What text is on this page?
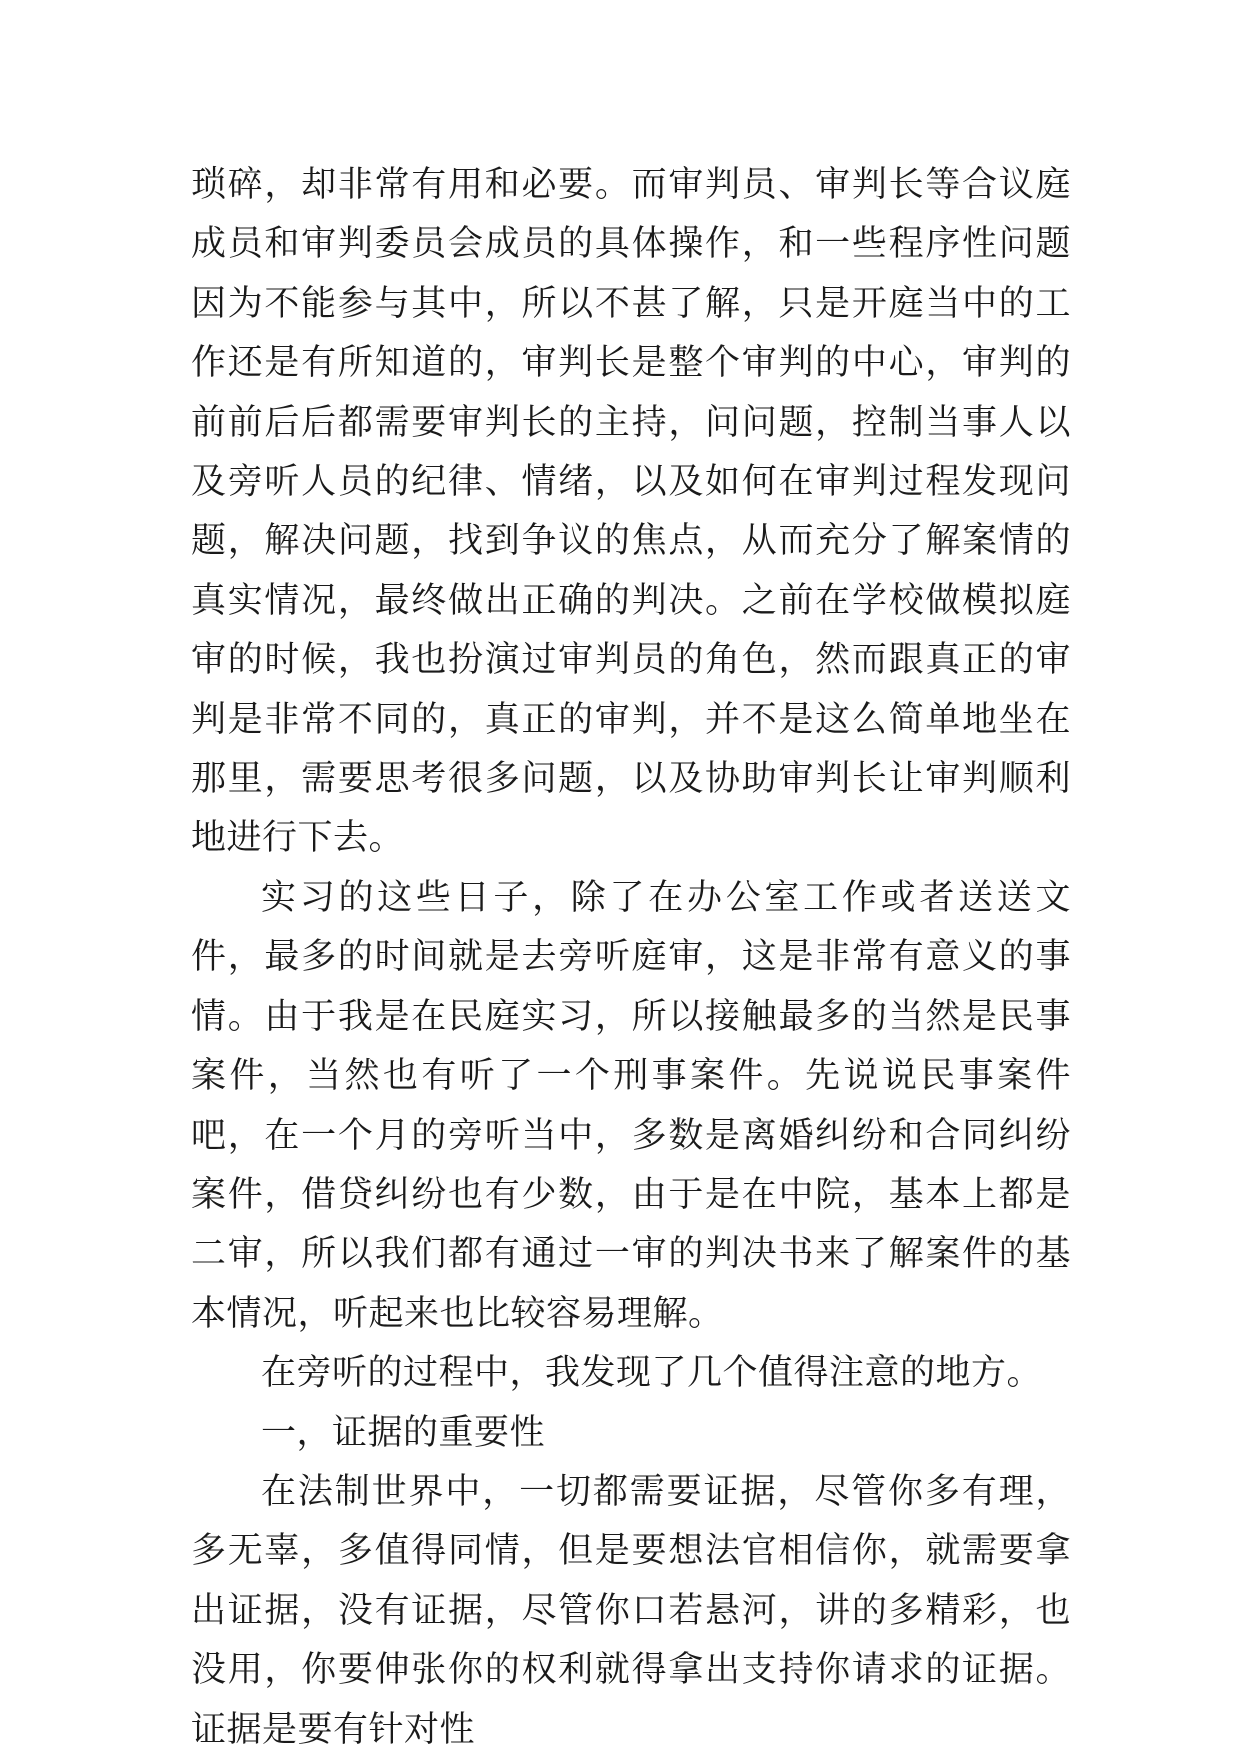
琐碎，却非常有用和必要。而审判员、审判长等合议庭成员和审判委员会成员的具体操作，和一些程序性问题因为不能参与其中，所以不甚了解，只是开庭当中的工作还是有所知道的，审判长是整个审判的中心，审判的前前后后都需要审判长的主持，问问题，控制当事人以及旁听人员的纪律、情绪，以及如何在审判过程发现问题，解决问题，找到争议的焦点，从而充分了解案情的真实情况，最终做出正确的判决。之前在学校做模拟庭审的时候，我也扮演过审判员的角色，然而跟真正的审判是非常不同的，真正的审判，并不是这么简单地坐在那里，需要思考很多问题，以及协助审判长让审判顺利地进行下去。

实习的这些日子，除了在办公室工作或者送送文件，最多的时间就是去旁听庭审，这是非常有意义的事情。由于我是在民庭实习，所以接触最多的当然是民事案件，当然也有听了一个刑事案件。先说说民事案件吧，在一个月的旁听当中，多数是离婚纠纷和合同纠纷案件，借贷纠纷也有少数，由于是在中院，基本上都是二审，所以我们都有通过一审的判决书来了解案件的基本情况，听起来也比较容易理解。

在旁听的过程中，我发现了几个值得注意的地方。

一，证据的重要性

在法制世界中，一切都需要证据，尽管你多有理，多无辜，多值得同情，但是要想法官相信你，就需要拿出证据，没有证据，尽管你口若悬河，讲的多精彩，也没用，你要伸张你的权利就得拿出支持你请求的证据。证据是要有针对性
